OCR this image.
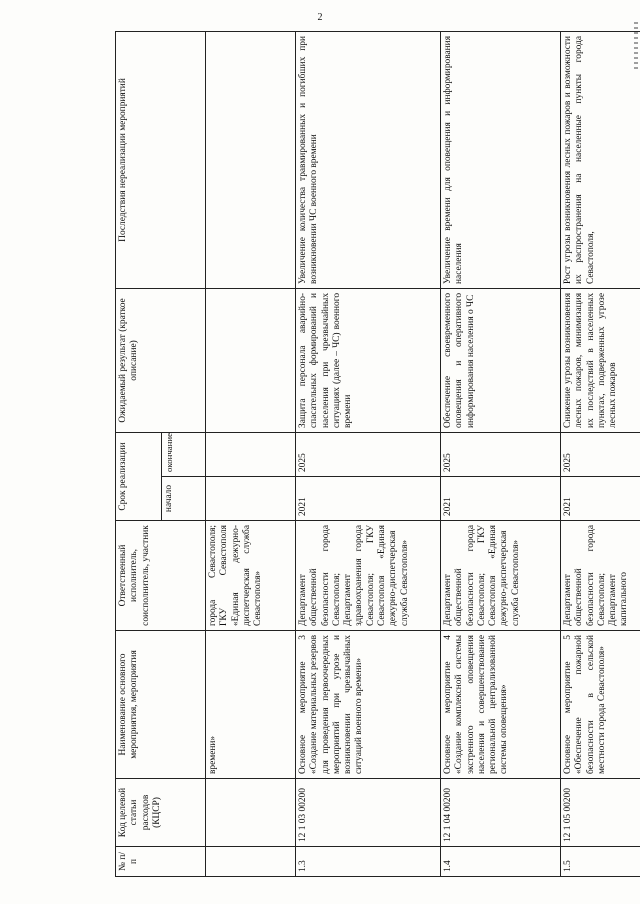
2
№ п/п	Код целевой статьи расходов (КЦСР)	Наименование основного мероприятия, мероприятия	Ответственный исполнитель, соисполнитель, участник	Срок реализации		Ожидаемый результат (краткое описание)	Последствия нереализации мероприятий
				начало	окончание		
		времени»	города Севастополя; ГКУ Севастополя «Единая дежурно-диспетчерская служба Севастополя»				
1.3	12 1 03 00200	Основное мероприятие 3 «Создание материальных резервов для проведения первоочередных мероприятий при угрозе и возникновении чрезвычайных ситуаций военного времени»	Департамент общественной безопасности города Севастополя; Департамент здравоохранения города Севастополя; ГКУ Севастополя «Единая дежурно-диспетчерская служба Севастополя»	2021	2025	Защита персонала аварийно-спасательных формирований и населения при чрезвычайных ситуациях (далее – ЧС) военного времени	Увеличение количества травмированных и погибших при возникновении ЧС военного времени
1.4	12 1 04 00200	Основное мероприятие 4 «Создание комплексной системы экстренного оповещения населения и совершенствование региональной централизованной системы оповещения»	Департамент общественной безопасности города Севастополя; ГКУ Севастополя «Единая дежурно-диспетчерская служба Севастополя»	2021	2025	Обеспечение своевременного оповещения и оперативного информирования населения о ЧС	Увеличение времени для оповещения и информирования населения
1.5	12 1 05 00200	Основное мероприятие 5 «Обеспечение пожарной безопасности в сельской местности города Севастополя»	Департамент общественной безопасности города Севастополя; Департамент капитального	2021	2025	Снижение угрозы возникновения лесных пожаров, минимизация их последствий в населенных пунктах, подверженных угрозе лесных пожаров	Рост угрозы возникновения лесных пожаров и возможности их распространения на населенные пункты города Севастополя,
